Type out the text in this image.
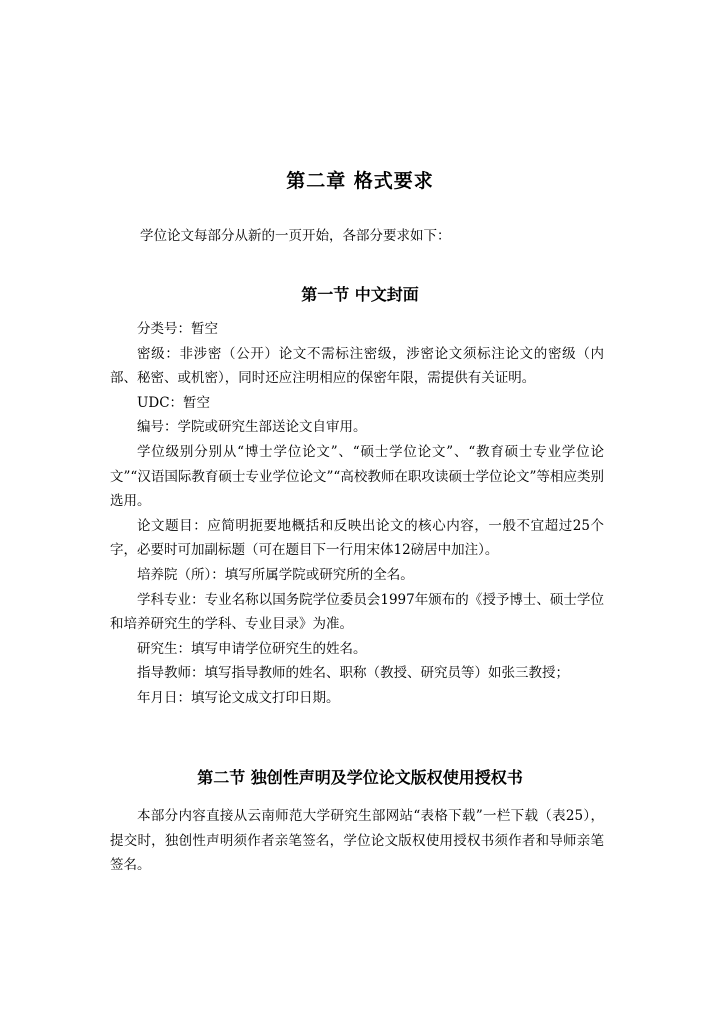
第二章 格式要求

学位论文每部分从新的一页开始，各部分要求如下：

第一节 中文封面

分类号：暂空

密级：非涉密（公开）论文不需标注密级，涉密论文须标注论文的密级（内部、秘密、或机密），同时还应注明相应的保密年限，需提供有关证明。

UDC：暂空

编号：学院或研究生部送论文自审用。

学位级别分别从“博士学位论文”、“硕士学位论文”、“教育硕士专业学位论文”“汉语国际教育硕士专业学位论文”“高校教师在职攻读硕士学位论文”等相应类别选用。

论文题目：应简明扼要地概括和反映出论文的核心内容，一般不宜超过25个字，必要时可加副标题（可在题目下一行用宋体12磅居中加注）。

培养院（所）：填写所属学院或研究所的全名。

学科专业：专业名称以国务院学位委员会1997年颁布的《授予博士、硕士学位和培养研究生的学科、专业目录》为准。

研究生：填写申请学位研究生的姓名。

指导教师：填写指导教师的姓名、职称（教授、研究员等）如张三教授；

年月日：填写论文成文打印日期。

第二节 独创性声明及学位论文版权使用授权书

本部分内容直接从云南师范大学研究生部网站“表格下载”一栏下载（表25），提交时，独创性声明须作者亲笔签名，学位论文版权使用授权书须作者和导师亲笔签名。
